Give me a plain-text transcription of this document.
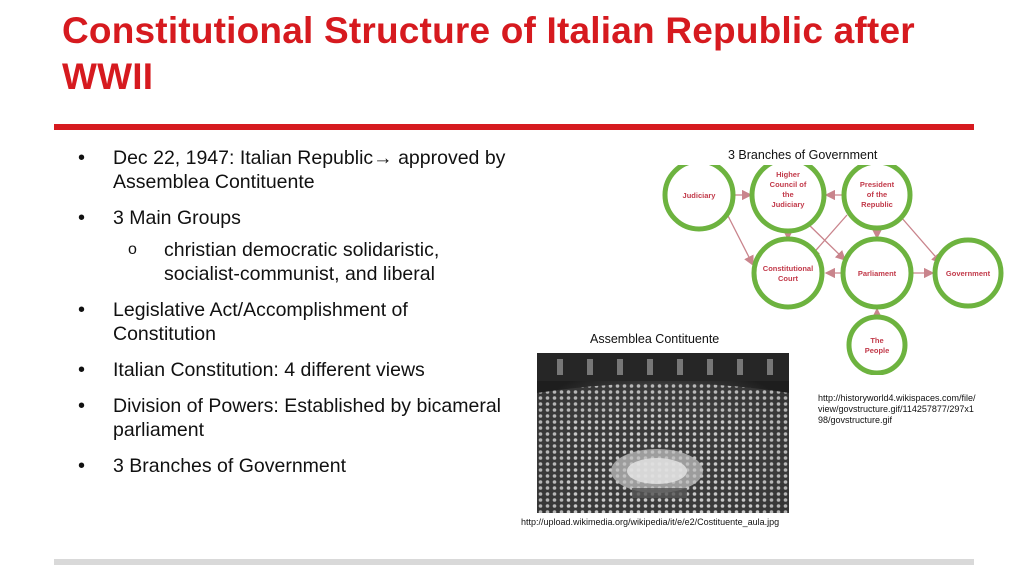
Constitutional Structure of Italian Republic after WWII
• Dec 22, 1947: Italian Republic→ approved by Assemblea Contituente
• 3 Main Groups
o christian democratic solidaristic, socialist-communist, and liberal
• Legislative Act/Accomplishment of Constitution
• Italian Constitution: 4 different views
• Division of Powers: Established by bicameral parliament
• 3 Branches of Government
3 Branches of Government
Judiciary
Higher
Council of
the
Judiciary
President
of the
Republic
Constitutional
Court
Parliament	Government
The
People
http://historyworld4.wikispaces.com/file/view/govstructure.gif/114257877/297x198/govstructure.gif
Assemblea Contituente
http://upload.wikimedia.org/wikipedia/it/e/e2/Costituente_aula.jpg
